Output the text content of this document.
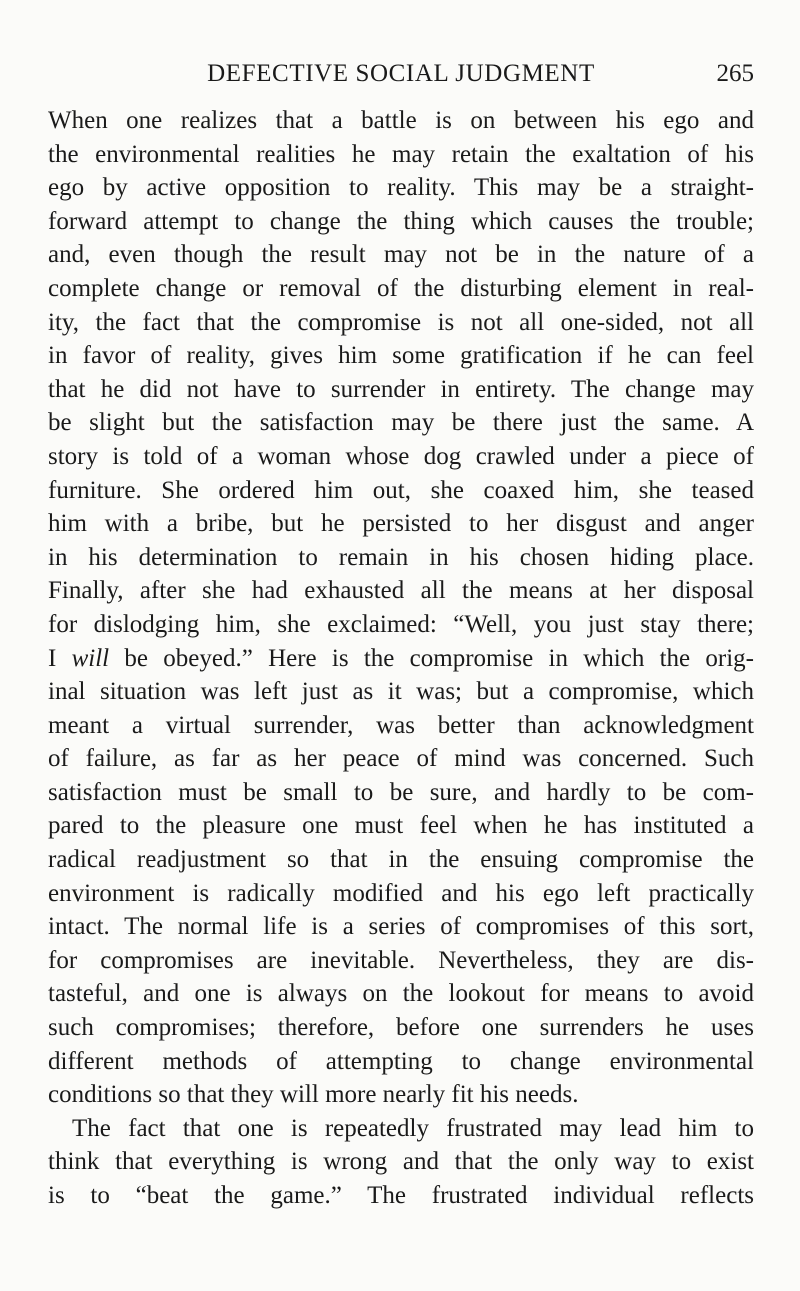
DEFECTIVE SOCIAL JUDGMENT	265
When one realizes that a battle is on between his ego and
the environmental realities he may retain the exaltation of his
ego by active opposition to reality. This may be a straight-
forward attempt to change the thing which causes the trouble;
and, even though the result may not be in the nature of a
complete change or removal of the disturbing element in real-
ity, the fact that the compromise is not all one-sided, not all
in favor of reality, gives him some gratification if he can feel
that he did not have to surrender in entirety. The change may
be slight but the satisfaction may be there just the same. A
story is told of a woman whose dog crawled under a piece of
furniture. She ordered him out, she coaxed him, she teased
him with a bribe, but he persisted to her disgust and anger
in his determination to remain in his chosen hiding place.
Finally, after she had exhausted all the means at her disposal
for dislodging him, she exclaimed: “Well, you just stay there;
I will be obeyed.” Here is the compromise in which the orig-
inal situation was left just as it was; but a compromise, which
meant a virtual surrender, was better than acknowledgment
of failure, as far as her peace of mind was concerned. Such
satisfaction must be small to be sure, and hardly to be com-
pared to the pleasure one must feel when he has instituted a
radical readjustment so that in the ensuing compromise the
environment is radically modified and his ego left practically
intact. The normal life is a series of compromises of this sort,
for compromises are inevitable. Nevertheless, they are dis-
tasteful, and one is always on the lookout for means to avoid
such compromises; therefore, before one surrenders he uses
different methods of attempting to change environmental
conditions so that they will more nearly fit his needs.
The fact that one is repeatedly frustrated may lead him to
think that everything is wrong and that the only way to exist
is to “beat the game.” The frustrated individual reflects
